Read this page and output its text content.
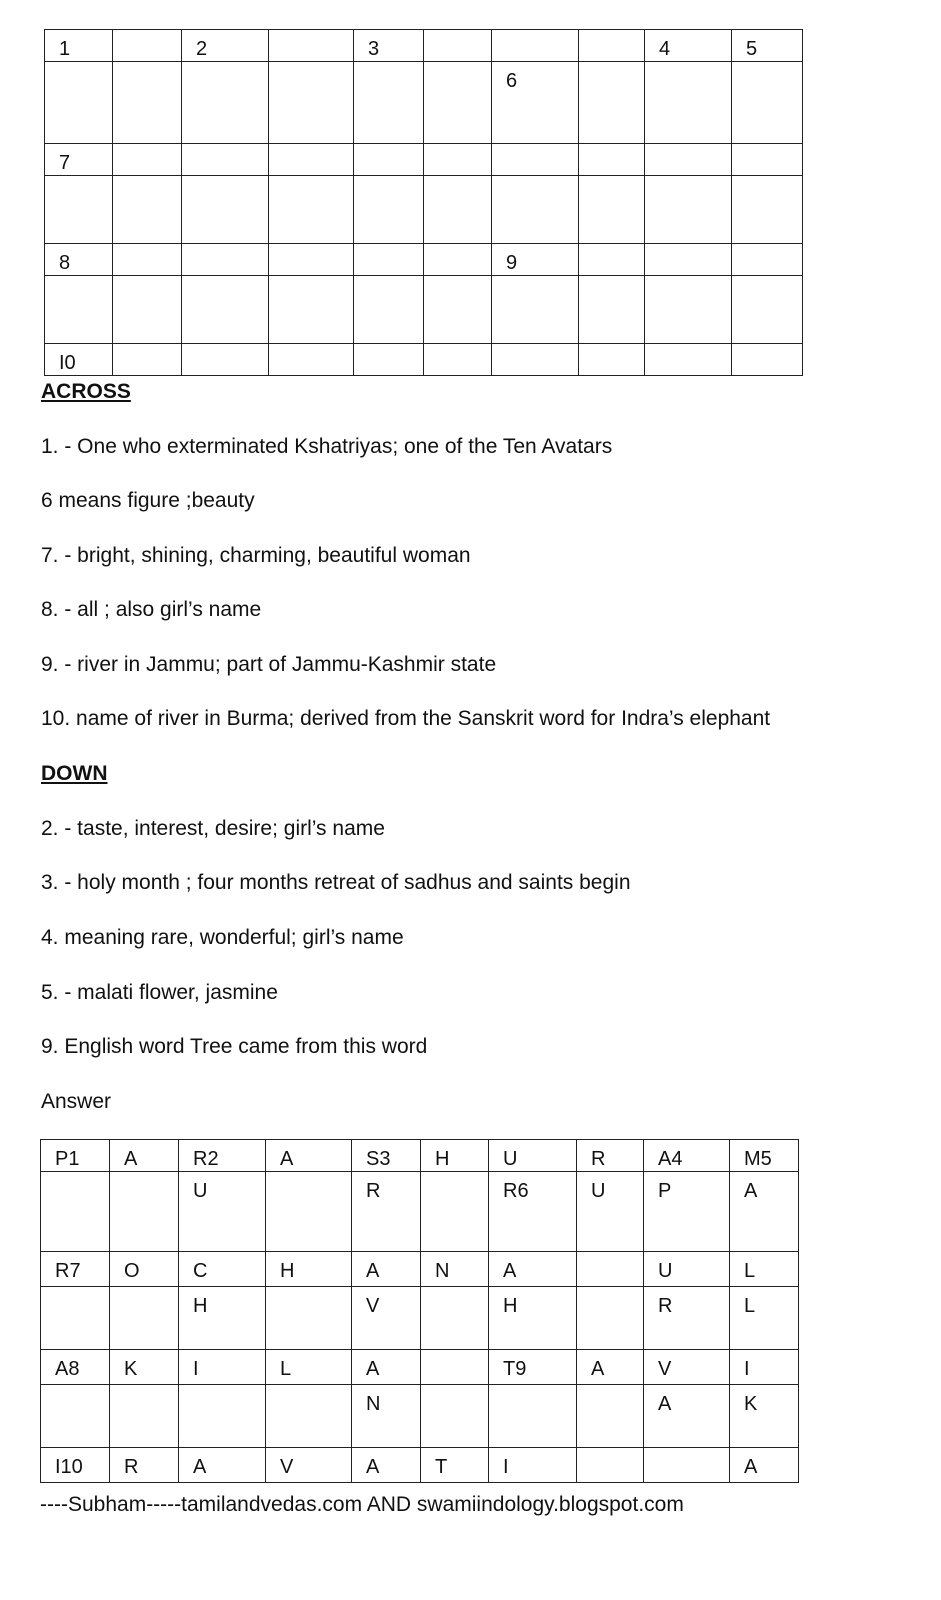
1		2		3				4	5

						6			

7									

8						9			

I0									

ACROSS

1. - One who exterminated Kshatriyas; one of the Ten Avatars

6 means figure ;beauty

7. - bright, shining, charming, beautiful woman

8. - all ; also girl’s name

9. - river in Jammu; part of Jammu-Kashmir state

10. name of river in Burma; derived from the Sanskrit word for Indra’s elephant

DOWN

2. - taste, interest, desire; girl’s name

3. - holy month ; four months retreat of sadhus and saints begin

4. meaning rare, wonderful; girl’s name

5. - malati flower, jasmine

9. English word Tree came from this word

Answer

P1	A	R2	A	S3	H	U	R	A4	M5

		U		R		R6	U	P	A

R7	O	C	H	A	N	A		U	L

		H		V		H		R	L

A8	K	I	L	A		T9	A	V	I

				N				A	K

I10	R	A	V	A	T	I			A

----Subham-----tamilandvedas.com AND swamiindology.blogspot.com
